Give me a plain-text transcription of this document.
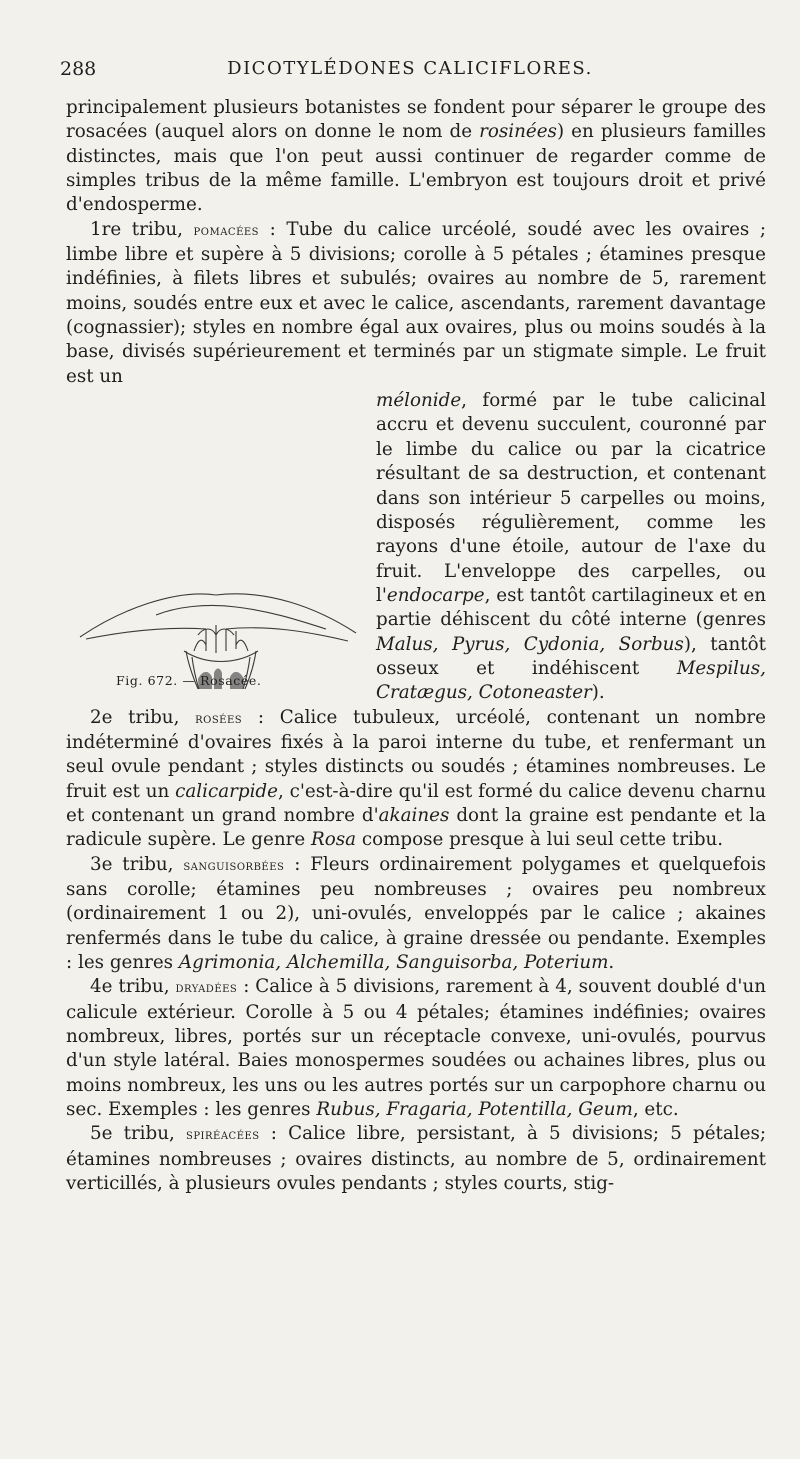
288	DICOTYLÉDONES CALICIFLORES.

principalement plusieurs botanistes se fondent pour séparer le groupe des rosacées (auquel alors on donne le nom de rosinées) en plusieurs familles distinctes, mais que l'on peut aussi continuer de regarder comme de simples tribus de la même famille. L'embryon est toujours droit et privé d'endosperme.

1re tribu, pomacées : Tube du calice urcéolé, soudé avec les ovaires ; limbe libre et supère à 5 divisions; corolle à 5 pétales ; étamines presque indéfinies, à filets libres et subulés; ovaires au nombre de 5, rarement moins, soudés entre eux et avec le calice, ascendants, rarement davantage (cognassier); styles en nombre égal aux ovaires, plus ou moins soudés à la base, divisés supérieurement et terminés par un stigmate simple. Le fruit est un

Fig. 672. — Rosacée.

mélonide, formé par le tube calicinal accru et devenu succulent, couronné par le limbe du calice ou par la cicatrice résultant de sa destruction, et contenant dans son intérieur 5 carpelles ou moins, disposés régulièrement, comme les rayons d'une étoile, autour de l'axe du fruit. L'enveloppe des carpelles, ou l'endocarpe, est tantôt cartilagineux et en partie déhiscent du côté interne (genres Malus, Pyrus, Cydonia, Sorbus), tantôt osseux et indéhiscent Mespilus, Cratægus, Cotoneaster).

2e tribu, rosées : Calice tubuleux, urcéolé, contenant un nombre indéterminé d'ovaires fixés à la paroi interne du tube, et renfermant un seul ovule pendant ; styles distincts ou soudés ; étamines nombreuses. Le fruit est un calicarpide, c'est-à-dire qu'il est formé du calice devenu charnu et contenant un grand nombre d'akaines dont la graine est pendante et la radicule supère. Le genre Rosa compose presque à lui seul cette tribu.

3e tribu, sanguisorbées : Fleurs ordinairement polygames et quelquefois sans corolle; étamines peu nombreuses ; ovaires peu nombreux (ordinairement 1 ou 2), uni-ovulés, enveloppés par le calice ; akaines renfermés dans le tube du calice, à graine dressée ou pendante. Exemples : les genres Agrimonia, Alchemilla, Sanguisorba, Poterium.

4e tribu, dryadées : Calice à 5 divisions, rarement à 4, souvent doublé d'un calicule extérieur. Corolle à 5 ou 4 pétales; étamines indéfinies; ovaires nombreux, libres, portés sur un réceptacle convexe, uni-ovulés, pourvus d'un style latéral. Baies monospermes soudées ou achaines libres, plus ou moins nombreux, les uns ou les autres portés sur un carpophore charnu ou sec. Exemples : les genres Rubus, Fragaria, Potentilla, Geum, etc.

5e tribu, spiréacées : Calice libre, persistant, à 5 divisions; 5 pétales; étamines nombreuses ; ovaires distincts, au nombre de 5, ordinairement verticillés, à plusieurs ovules pendants ; styles courts, stig-
